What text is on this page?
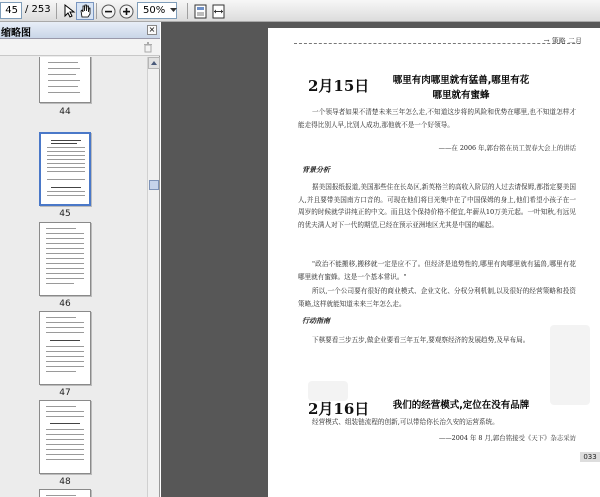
45 / 253	50%
缩略图	×
44
45
46
47
48
→ 策略 二月
2月15日	哪里有肉哪里就有猛兽,哪里有花
哪里就有蜜蜂
一个领导者如果不清楚未来三年怎么走,不知道这步将的风险和优势在哪里,也不知道怎样才能走得比别人早,比别人成功,那他就不是一个好领导。
——在 2006 年,郭台铭在员工贺春大会上的讲话
背景分析
据美国报纸报道,美国那些住在长岛区,新英格兰的高收入阶层的人过去请保姆,都指定要美国人,并且要带美国南方口音的。可现在他们将目光集中在了中国保姆的身上,他们希望小孩子在一周岁的时候就学讲纯正的中文。而且这个保持价格不便宜,年薪从10万美元起。一叶知秋,有远见的优夫满人对下一代的期望,已经在预示亚洲地区尤其是中国的崛起。
"政治不能搬移,搬移就一定是应不了。但经济是追势性的,哪里有肉哪里就有猛兽,哪里有花哪里就有蜜蜂。这是一个基本常识。"
所以,一个公司要有很好的商业模式、企业文化、分权分利机制,以及很好的经营策略和投资策略,这样就能知道未来三年怎么走。
行动指南
下棋要看三步五步,做企业要看三年五年,要观察经济的发展趋势,及早布局。
2月16日	我们的经营模式,定位在没有品牌
经营模式、组装链流程的创新,可以带给你长治久安的运营系统。
——2004 年 8 月,郭台铭接受《天下》杂志采访
033
